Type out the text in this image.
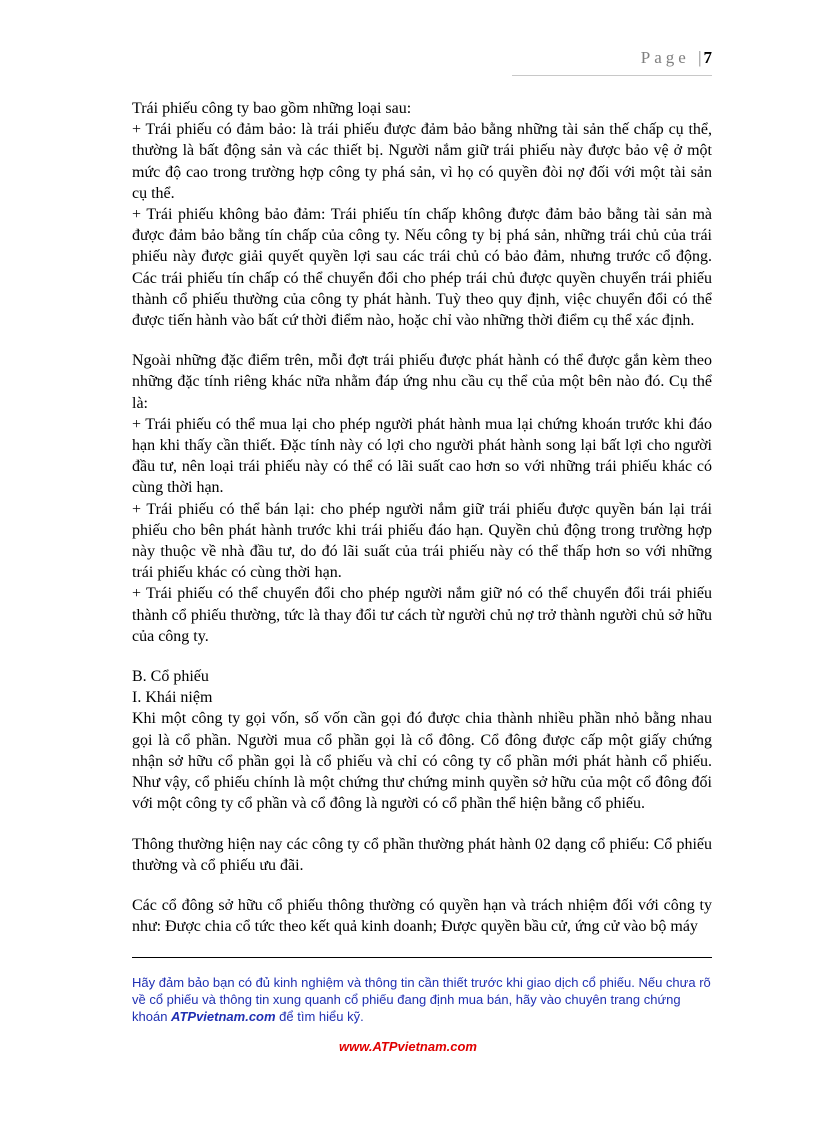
Page | 7

Trái phiếu công ty bao gồm những loại sau:

+ Trái phiếu có đảm bảo: là trái phiếu được đảm bảo bằng những tài sản thế chấp cụ thể, thường là bất động sản và các thiết bị. Người nắm giữ trái phiếu này được bảo vệ ở một mức độ cao trong trường hợp công ty phá sản, vì họ có quyền đòi nợ đối với một tài sản cụ thể.

+ Trái phiếu không bảo đảm: Trái phiếu tín chấp không được đảm bảo bằng tài sản mà được đảm bảo bằng tín chấp của công ty. Nếu công ty bị phá sản, những trái chủ của trái phiếu này được giải quyết quyền lợi sau các trái chủ có bảo đảm, nhưng trước cổ động. Các trái phiếu tín chấp có thể chuyển đổi cho phép trái chủ được quyền chuyển trái phiếu thành cổ phiếu thường của công ty phát hành. Tuỳ theo quy định, việc chuyển đổi có thể được tiến hành vào bất cứ thời điểm nào, hoặc chỉ vào những thời điểm cụ thể xác định.

Ngoài những đặc điểm trên, mỗi đợt trái phiếu được phát hành có thể được gắn kèm theo những đặc tính riêng khác nữa nhằm đáp ứng nhu cầu cụ thể của một bên nào đó. Cụ thể là:

+ Trái phiếu có thể mua lại cho phép người phát hành mua lại chứng khoán trước khi đáo hạn khi thấy cần thiết. Đặc tính này có lợi cho người phát hành song lại bất lợi cho người đầu tư, nên loại trái phiếu này có thể có lãi suất cao hơn so với những trái phiếu khác có cùng thời hạn.

+ Trái phiếu có thể bán lại: cho phép người nắm giữ trái phiếu được quyền bán lại trái phiếu cho bên phát hành trước khi trái phiếu đáo hạn. Quyền chủ động trong trường hợp này thuộc về nhà đầu tư, do đó lãi suất của trái phiếu này có thể thấp hơn so với những trái phiếu khác có cùng thời hạn.

+ Trái phiếu có thể chuyển đổi cho phép người nắm giữ nó có thể chuyển đổi trái phiếu thành cổ phiếu thường, tức là thay đổi tư cách từ người chủ nợ trở thành người chủ sở hữu của công ty.

B. Cổ phiếu

I. Khái niệm

Khi một công ty gọi vốn, số vốn cần gọi đó được chia thành nhiều phần nhỏ bằng nhau gọi là cổ phần. Người mua cổ phần gọi là cổ đông. Cổ đông được cấp một giấy chứng nhận sở hữu cổ phần gọi là cổ phiếu và chỉ có công ty cổ phần mới phát hành cổ phiếu. Như vậy, cổ phiếu chính là một chứng thư chứng minh quyền sở hữu của một cổ đông đối với một công ty cổ phần và cổ đông là người có cổ phần thể hiện bằng cổ phiếu.

Thông thường hiện nay các công ty cổ phần thường phát hành 02 dạng cổ phiếu: Cổ phiếu thường và cổ phiếu ưu đãi.

Các cổ đông sở hữu cổ phiếu thông thường có quyền hạn và trách nhiệm đối với công ty như: Được chia cổ tức theo kết quả kinh doanh; Được quyền bầu cử, ứng cử vào bộ máy

Hãy đảm bảo bạn có đủ kinh nghiệm và thông tin cần thiết trước khi giao dịch cổ phiếu. Nếu chưa rõ về cổ phiếu và thông tin xung quanh cổ phiếu đang định mua bán, hãy vào chuyên trang chứng khoán ATPvietnam.com để tìm hiểu kỹ.
www.ATPvietnam.com
